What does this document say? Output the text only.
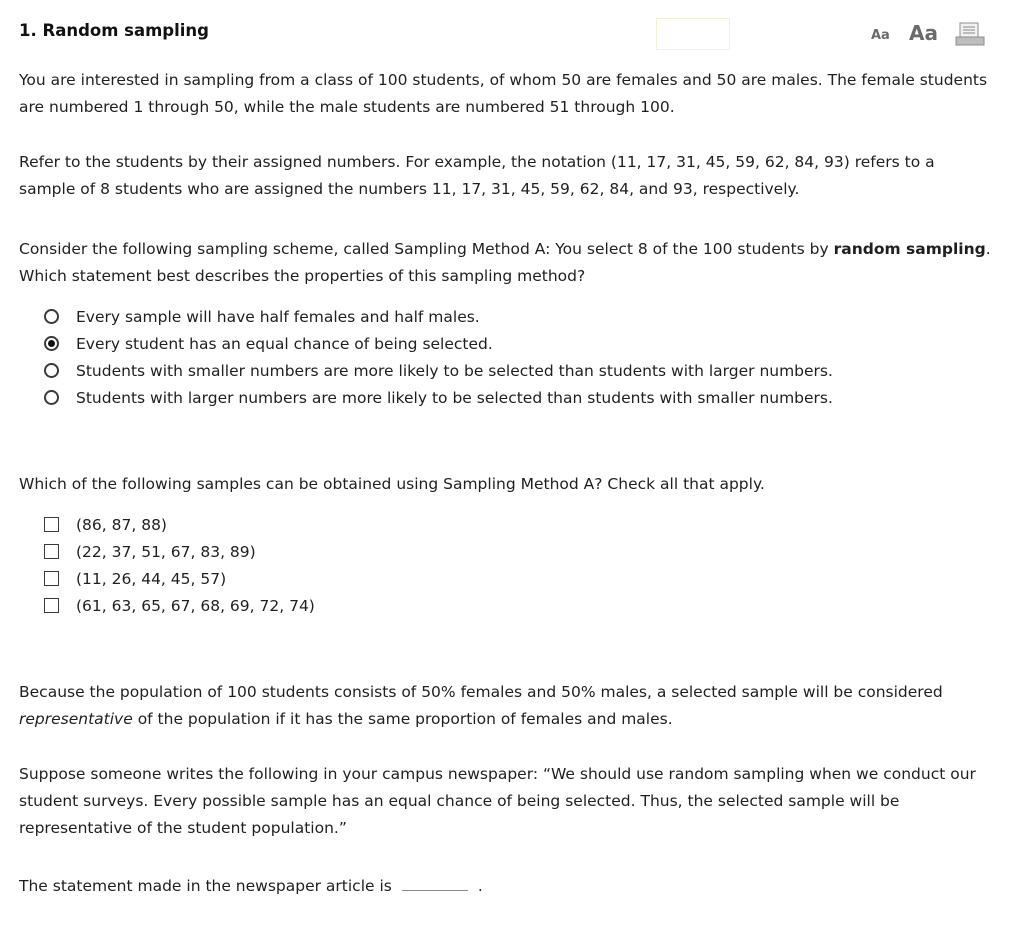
1. Random sampling	Aa Aa

You are interested in sampling from a class of 100 students, of whom 50 are females and 50 are males. The female students are numbered 1 through 50, while the male students are numbered 51 through 100.

Refer to the students by their assigned numbers. For example, the notation (11, 17, 31, 45, 59, 62, 84, 93) refers to a sample of 8 students who are assigned the numbers 11, 17, 31, 45, 59, 62, 84, and 93, respectively.

Consider the following sampling scheme, called Sampling Method A: You select 8 of the 100 students by random sampling. Which statement best describes the properties of this sampling method?

Every sample will have half females and half males.
Every student has an equal chance of being selected.
Students with smaller numbers are more likely to be selected than students with larger numbers.
Students with larger numbers are more likely to be selected than students with smaller numbers.

Which of the following samples can be obtained using Sampling Method A? Check all that apply.

(86, 87, 88)
(22, 37, 51, 67, 83, 89)
(11, 26, 44, 45, 57)
(61, 63, 65, 67, 68, 69, 72, 74)

Because the population of 100 students consists of 50% females and 50% males, a selected sample will be considered representative of the population if it has the same proportion of females and males.

Suppose someone writes the following in your campus newspaper: “We should use random sampling when we conduct our student surveys. Every possible sample has an equal chance of being selected. Thus, the selected sample will be representative of the student population.”

The statement made in the newspaper article is	.
